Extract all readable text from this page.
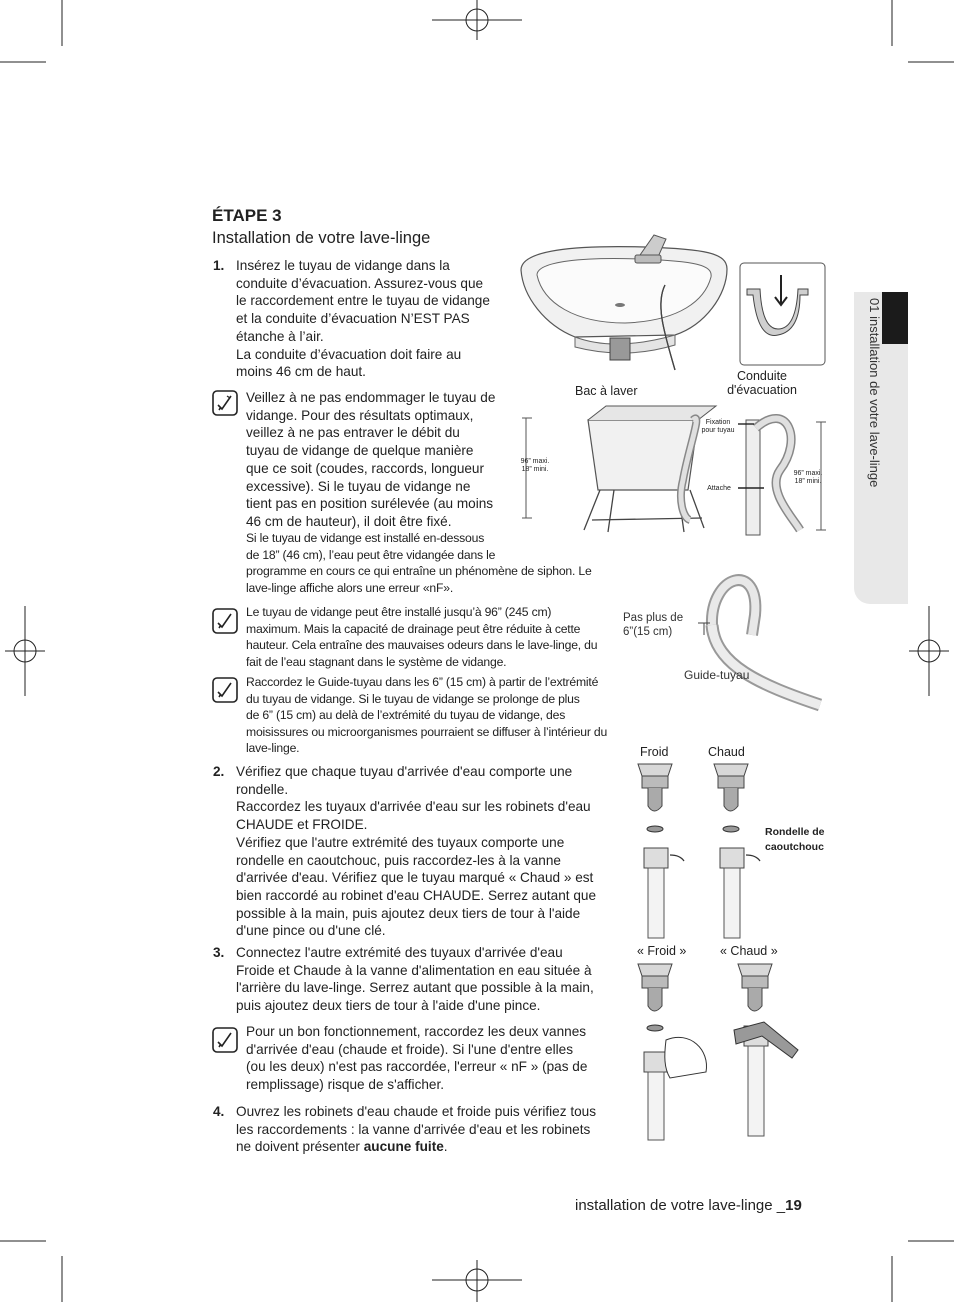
01 installation de votre lave-linge
ÉTAPE 3
Installation de votre lave-linge
1. Insérez le tuyau de vidange dans la
conduite d’évacuation. Assurez-vous que
le raccordement entre le tuyau de vidange
et la conduite d’évacuation N’EST PAS
étanche à l’air.
La conduite d’évacuation doit faire au
moins 46 cm de haut.
Veillez à ne pas endommager le tuyau de
vidange. Pour des résultats optimaux,
veillez à ne pas entraver le débit du
tuyau de vidange de quelque manière
que ce soit (coudes, raccords, longueur
excessive). Si le tuyau de vidange ne
tient pas en position surélevée (au moins
46 cm de hauteur), il doit être fixé.
Si le tuyau de vidange est installé en-dessous
de 18” (46 cm), l’eau peut être vidangée dans le
programme en cours ce qui entraîne un phénomène de siphon. Le
lave-linge affiche alors une erreur «nF».
Le tuyau de vidange peut être installé jusqu’à 96” (245 cm)
maximum. Mais la capacité de drainage peut être réduite à cette
hauteur. Cela entraîne des mauvaises odeurs dans le lave-linge, du
fait de l’eau stagnant dans le système de vidange.
Raccordez le Guide-tuyau dans les 6” (15 cm) à partir de l’extrémité
du tuyau de vidange. Si le tuyau de vidange se prolonge de plus
de 6” (15 cm) au delà de l’extrémité du tuyau de vidange, des
moisissures ou microorganismes pourraient se diffuser à l’intérieur du
lave-linge.
2. Vérifiez que chaque tuyau d'arrivée d'eau comporte une
rondelle.
Raccordez les tuyaux d'arrivée d'eau sur les robinets d'eau
CHAUDE et FROIDE.
Vérifiez que l'autre extrémité des tuyaux comporte une
rondelle en caoutchouc, puis raccordez-les à la vanne
d'arrivée d'eau. Vérifiez que le tuyau marqué « Chaud » est
bien raccordé au robinet d'eau CHAUDE. Serrez autant que
possible à la main, puis ajoutez deux tiers de tour à l'aide
d'une pince ou d'une clé.
3. Connectez l'autre extrémité des tuyaux d'arrivée d'eau
Froide et Chaude à la vanne d'alimentation en eau située à
l'arrière du lave-linge. Serrez autant que possible à la main,
puis ajoutez deux tiers de tour à l'aide d'une pince.
Pour un bon fonctionnement, raccordez les deux vannes
d'arrivée d'eau (chaude et froide). Si l'une d'entre elles
(ou les deux) n'est pas raccordée, l'erreur « nF » (pas de
remplissage) risque de s'afficher.
4. Ouvrez les robinets d'eau chaude et froide puis vérifiez tous
les raccordements : la vanne d'arrivée d'eau et les robinets
ne doivent présenter aucune fuite.
Bac à laver
Conduite
d'évacuation
96” maxi.
18” mini.
Fixation
pour tuyau
Attache
96” maxi.
18” mini.
Pas plus de
6”(15 cm)
Guide-tuyau
Froid	Chaud
Rondelle de
caoutchouc
« Froid »	« Chaud »
installation de votre lave-linge _19
